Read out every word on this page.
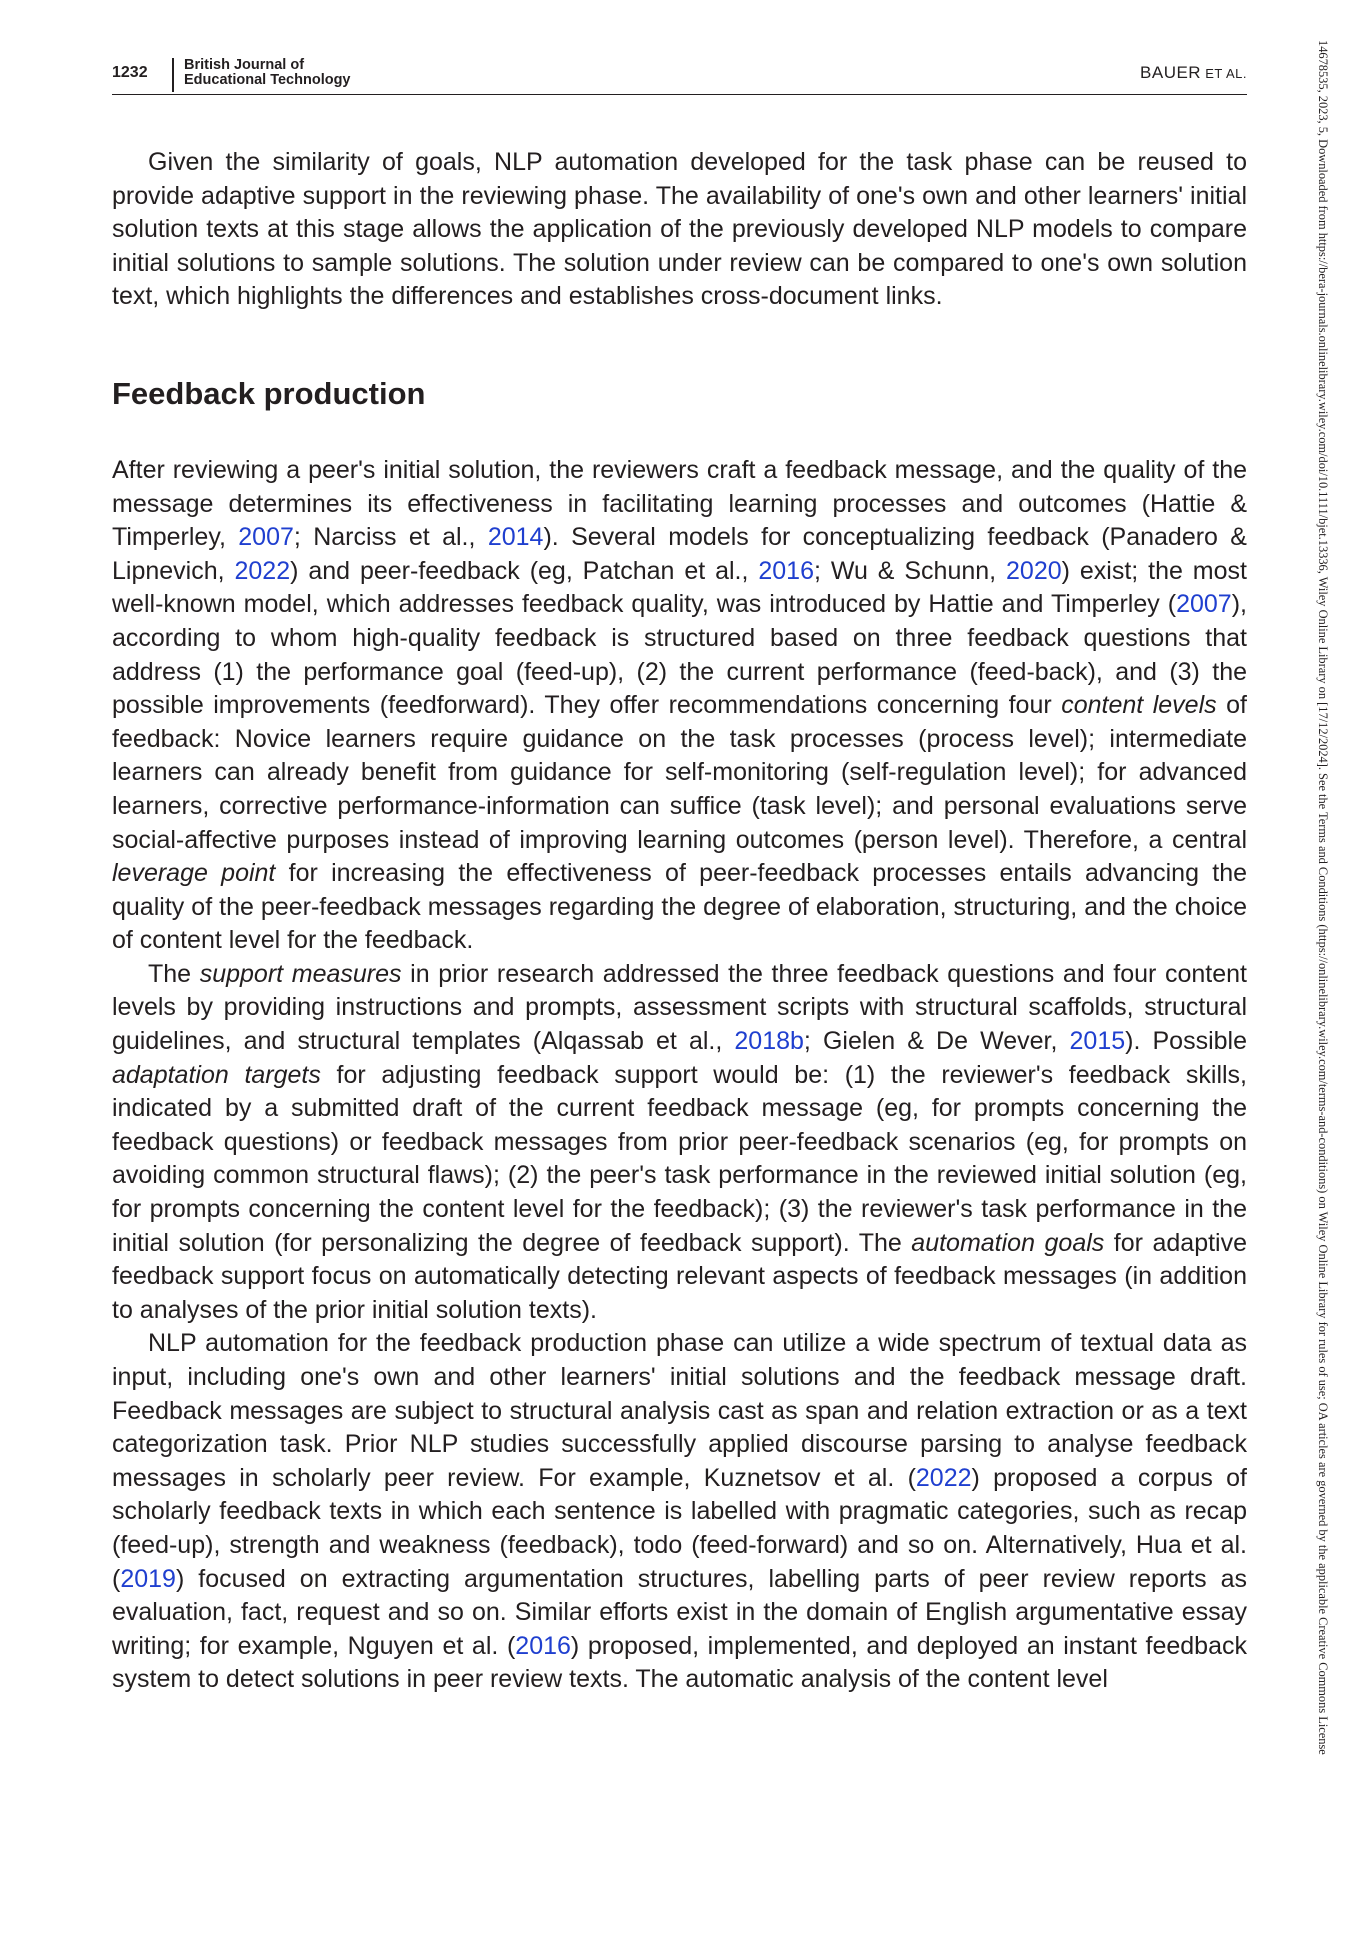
1232	British Journal of
Educational Technology	BAUER ET AL.

Given the similarity of goals, NLP automation developed for the task phase can be reused to provide adaptive support in the reviewing phase. The availability of one's own and other learners' initial solution texts at this stage allows the application of the previously developed NLP models to compare initial solutions to sample solutions. The solution under review can be compared to one's own solution text, which highlights the differences and establishes cross-document links.

Feedback production

After reviewing a peer's initial solution, the reviewers craft a feedback message, and the quality of the message determines its effectiveness in facilitating learning processes and outcomes (Hattie & Timperley, 2007; Narciss et al., 2014). Several models for conceptualizing feedback (Panadero & Lipnevich, 2022) and peer-feedback (eg, Patchan et al., 2016; Wu & Schunn, 2020) exist; the most well-known model, which addresses feedback quality, was introduced by Hattie and Timperley (2007), according to whom high-quality feedback is structured based on three feedback questions that address (1) the performance goal (feed-up), (2) the current performance (feed-back), and (3) the possible improvements (feedforward). They offer recommendations concerning four content levels of feedback: Novice learners require guidance on the task processes (process level); intermediate learners can already benefit from guidance for self-monitoring (self-regulation level); for advanced learners, corrective performance-information can suffice (task level); and personal evaluations serve social-affective purposes instead of improving learning outcomes (person level). Therefore, a central leverage point for increasing the effectiveness of peer-feedback processes entails advancing the quality of the peer-feedback messages regarding the degree of elaboration, structuring, and the choice of content level for the feedback.

The support measures in prior research addressed the three feedback questions and four content levels by providing instructions and prompts, assessment scripts with structural scaffolds, structural guidelines, and structural templates (Alqassab et al., 2018b; Gielen & De Wever, 2015). Possible adaptation targets for adjusting feedback support would be: (1) the reviewer's feedback skills, indicated by a submitted draft of the current feedback message (eg, for prompts concerning the feedback questions) or feedback messages from prior peer-feedback scenarios (eg, for prompts on avoiding common structural flaws); (2) the peer's task performance in the reviewed initial solution (eg, for prompts concerning the content level for the feedback); (3) the reviewer's task performance in the initial solution (for personalizing the degree of feedback support). The automation goals for adaptive feedback support focus on automatically detecting relevant aspects of feedback messages (in addition to analyses of the prior initial solution texts).

NLP automation for the feedback production phase can utilize a wide spectrum of textual data as input, including one's own and other learners' initial solutions and the feedback message draft. Feedback messages are subject to structural analysis cast as span and relation extraction or as a text categorization task. Prior NLP studies successfully applied discourse parsing to analyse feedback messages in scholarly peer review. For example, Kuznetsov et al. (2022) proposed a corpus of scholarly feedback texts in which each sentence is labelled with pragmatic categories, such as recap (feed-up), strength and weakness (feedback), todo (feed-forward) and so on. Alternatively, Hua et al. (2019) focused on extracting argumentation structures, labelling parts of peer review reports as evaluation, fact, request and so on. Similar efforts exist in the domain of English argumentative essay writing; for example, Nguyen et al. (2016) proposed, implemented, and deployed an instant feedback system to detect solutions in peer review texts. The automatic analysis of the content level	14678535, 2023, 5, Downloaded from https://bera-journals.onlinelibrary.wiley.com/doi/10.1111/bjet.13336, Wiley Online Library on [17/12/2024]. See the Terms and Conditions (https://onlinelibrary.wiley.com/terms-and-conditions) on Wiley Online Library for rules of use; OA articles are governed by the applicable Creative Commons License
